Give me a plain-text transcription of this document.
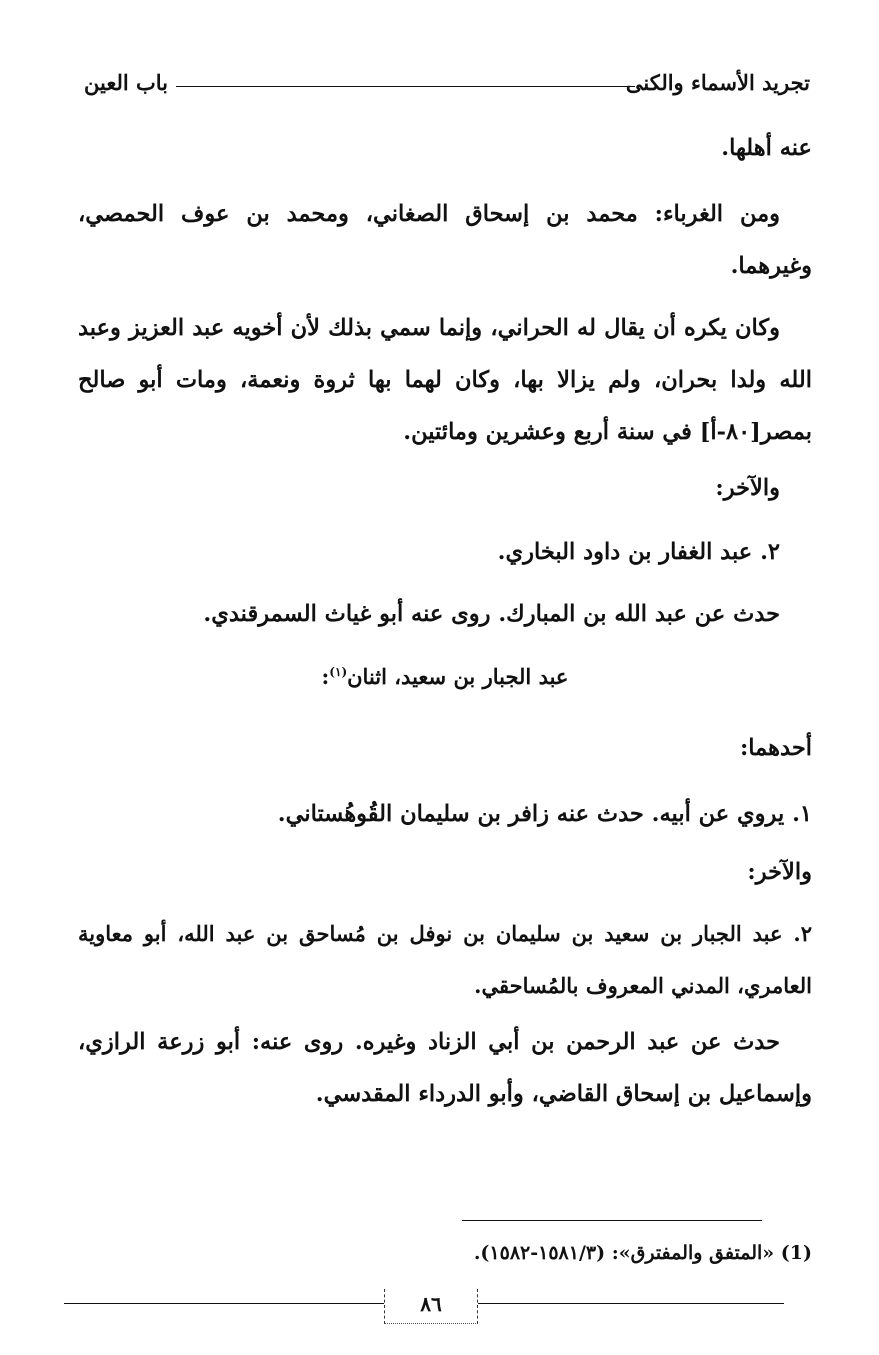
تجريد الأسماء والكنى
باب العين
عنه أهلها.
ومن الغرباء: محمد بن إسحاق الصغاني، ومحمد بن عوف الحمصي، وغيرهما.
وكان يكره أن يقال له الحراني، وإنما سمي بذلك لأن أخويه عبد العزيز وعبد الله ولدا بحران، ولم يزالا بها، وكان لهما بها ثروة ونعمة، ومات أبو صالح بمصر[٨٠-أ] في سنة أربع وعشرين ومائتين.
والآخر:
٢. عبد الغفار بن داود البخاري.
حدث عن عبد الله بن المبارك. روى عنه أبو غياث السمرقندي.
عبد الجبار بن سعيد، اثنان$^{(١)}$:
أحدهما:
١. يروي عن أبيه. حدث عنه زافر بن سليمان القُوهُستاني.
والآخر:
٢. عبد الجبار بن سعيد بن سليمان بن نوفل بن مُساحق بن عبد الله، أبو معاوية العامري، المدني المعروف بالمُساحقي.
حدث عن عبد الرحمن بن أبي الزناد وغيره. روى عنه: أبو زرعة الرازي، وإسماعيل بن إسحاق القاضي، وأبو الدرداء المقدسي.
(1) «المتفق والمفترق»: (١٥٨١/٣-١٥٨٢).
٨٦
